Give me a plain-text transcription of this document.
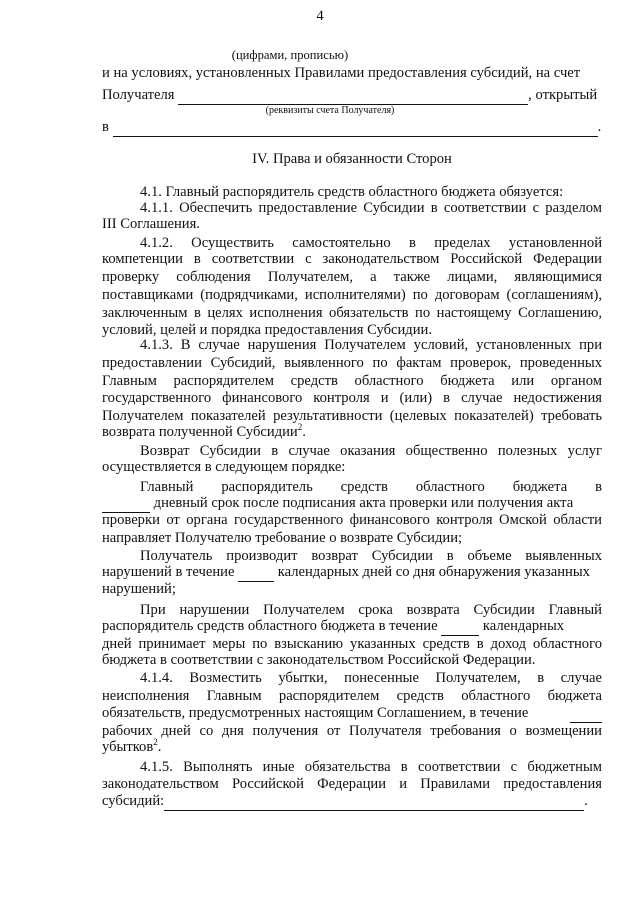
4
(цифрами, прописью)
и на условиях, установленных Правилами предоставления субсидий, на счет
Получателя	, открытый
(реквизиты счета Получателя)
в	.
IV. Права и обязанности Сторон
4.1. Главный распорядитель средств областного бюджета обязуется:
4.1.1. Обеспечить предоставление Субсидии в соответствии с разделом
III Соглашения.
4.1.2. Осуществить самостоятельно в пределах установленной
компетенции в соответствии с законодательством Российской Федерации
проверку соблюдения Получателем, а также лицами, являющимися
поставщиками (подрядчиками, исполнителями) по договорам (соглашениям),
заключенным в целях исполнения обязательств по настоящему Соглашению,
условий, целей и порядка предоставления Субсидии.
4.1.3. В случае нарушения Получателем условий, установленных при
предоставлении Субсидий, выявленного по фактам проверок, проведенных
Главным распорядителем средств областного бюджета или органом
государственного финансового контроля и (или) в случае недостижения
Получателем показателей результативности (целевых показателей) требовать
возврата полученной Субсидии$^2$.
Возврат Субсидии в случае оказания общественно полезных услуг
осуществляется в следующем порядке:
Главный распорядитель средств областного бюджета в
дневный срок после подписания акта проверки или получения акта
проверки от органа государственного финансового контроля Омской области
направляет Получателю требование о возврате Субсидии;
Получатель производит возврат Субсидии в объеме выявленных
нарушений в течение	календарных дней со дня обнаружения указанных
нарушений;
При нарушении Получателем срока возврата Субсидии Главный
распорядитель средств областного бюджета в течение	календарных
дней принимает меры по взысканию указанных средств в доход областного
бюджета в соответствии с законодательством Российской Федерации.
4.1.4. Возместить убытки, понесенные Получателем, в случае
неисполнения Главным распорядителем средств областного бюджета
обязательств, предусмотренных настоящим Соглашением, в течение

рабочих дней со дня получения от Получателя требования о возмещении
убытков$^2$.
4.1.5. Выполнять иные обязательства в соответствии с бюджетным
законодательством Российской Федерации и Правилами предоставления
субсидий:	.
